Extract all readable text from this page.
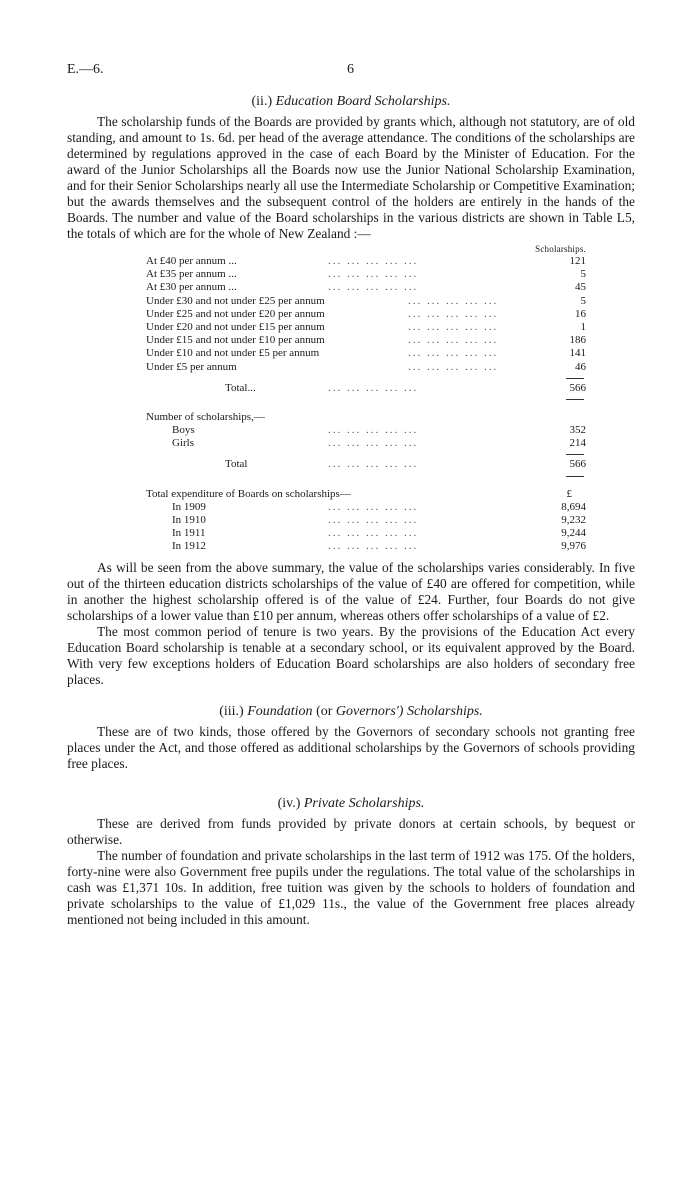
E.—6.	6
(ii.) Education Board Scholarships.

The scholarship funds of the Boards are provided by grants which, although not statutory, are of old standing, and amount to 1s. 6d. per head of the average attendance. The conditions of the scholarships are determined by regulations approved in the case of each Board by the Minister of Education. For the award of the Junior Scholarships all the Boards now use the Junior National Scholarship Examination, and for their Senior Scholarships nearly all use the Intermediate Scholarship or Competitive Examination; but the awards themselves and the subsequent control of the holders are entirely in the hands of the Boards. The number and value of the Board scholarships in the various districts are shown in Table L5, the totals of which are for the whole of New Zealand :—

Scholarships.
At £40 per annum ...	... ... ... ... ...	121
At £35 per annum ...	... ... ... ... ...	5
At £30 per annum ...	... ... ... ... ...	45
Under £30 and not under £25 per annum	... ... ... ... ...	5
Under £25 and not under £20 per annum	... ... ... ... ...	16
Under £20 and not under £15 per annum	... ... ... ... ...	1
Under £15 and not under £10 per annum	... ... ... ... ...	186
Under £10 and not under £5 per annum	... ... ... ... ...	141
Under £5 per annum	... ... ... ... ...	46
Total...	... ... ... ... ...	566
Number of scholarships,—
Boys	... ... ... ... ...	352
Girls	... ... ... ... ...	214
Total	... ... ... ... ...	566
Total expenditure of Boards on scholarships—	£
In 1909	... ... ... ... ...	8,694
In 1910	... ... ... ... ...	9,232
In 1911	... ... ... ... ...	9,244
In 1912	... ... ... ... ...	9,976

As will be seen from the above summary, the value of the scholarships varies considerably. In five out of the thirteen education districts scholarships of the value of £40 are offered for competition, while in another the highest scholarship offered is of the value of £24. Further, four Boards do not give scholarships of a lower value than £10 per annum, whereas others offer scholarships of a value of £2.

The most common period of tenure is two years. By the provisions of the Education Act every Education Board scholarship is tenable at a secondary school, or its equivalent approved by the Board. With very few exceptions holders of Education Board scholarships are also holders of secondary free places.

(iii.) Foundation (or Governors') Scholarships.

These are of two kinds, those offered by the Governors of secondary schools not granting free places under the Act, and those offered as additional scholarships by the Governors of schools providing free places.

(iv.) Private Scholarships.

These are derived from funds provided by private donors at certain schools, by bequest or otherwise.

The number of foundation and private scholarships in the last term of 1912 was 175. Of the holders, forty-nine were also Government free pupils under the regulations. The total value of the scholarships in cash was £1,371 10s. In addition, free tuition was given by the schools to holders of foundation and private scholarships to the value of £1,029 11s., the value of the Government free places already mentioned not being included in this amount.
